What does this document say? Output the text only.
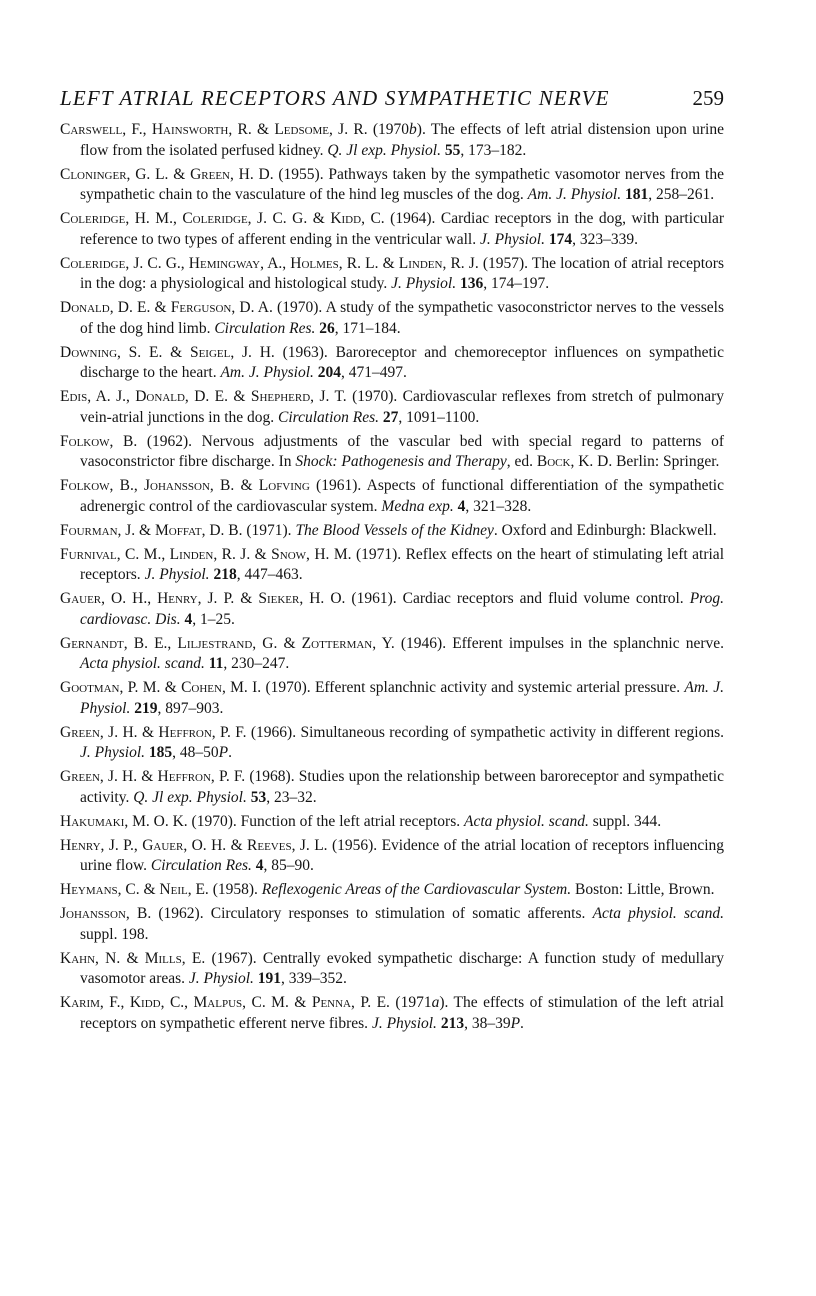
LEFT ATRIAL RECEPTORS AND SYMPATHETIC NERVE	259

Carswell, F., Hainsworth, R. & Ledsome, J. R. (1970b). The effects of left atrial distension upon urine flow from the isolated perfused kidney. Q. Jl exp. Physiol. 55, 173–182.

Cloninger, G. L. & Green, H. D. (1955). Pathways taken by the sympathetic vasomotor nerves from the sympathetic chain to the vasculature of the hind leg muscles of the dog. Am. J. Physiol. 181, 258–261.

Coleridge, H. M., Coleridge, J. C. G. & Kidd, C. (1964). Cardiac receptors in the dog, with particular reference to two types of afferent ending in the ventricular wall. J. Physiol. 174, 323–339.

Coleridge, J. C. G., Hemingway, A., Holmes, R. L. & Linden, R. J. (1957). The location of atrial receptors in the dog: a physiological and histological study. J. Physiol. 136, 174–197.

Donald, D. E. & Ferguson, D. A. (1970). A study of the sympathetic vasoconstrictor nerves to the vessels of the dog hind limb. Circulation Res. 26, 171–184.

Downing, S. E. & Seigel, J. H. (1963). Baroreceptor and chemoreceptor influences on sympathetic discharge to the heart. Am. J. Physiol. 204, 471–497.

Edis, A. J., Donald, D. E. & Shepherd, J. T. (1970). Cardiovascular reflexes from stretch of pulmonary vein-atrial junctions in the dog. Circulation Res. 27, 1091–1100.

Folkow, B. (1962). Nervous adjustments of the vascular bed with special regard to patterns of vasoconstrictor fibre discharge. In Shock: Pathogenesis and Therapy, ed. Bock, K. D. Berlin: Springer.

Folkow, B., Johansson, B. & Lofving (1961). Aspects of functional differentiation of the sympathetic adrenergic control of the cardiovascular system. Medna exp. 4, 321–328.

Fourman, J. & Moffat, D. B. (1971). The Blood Vessels of the Kidney. Oxford and Edinburgh: Blackwell.

Furnival, C. M., Linden, R. J. & Snow, H. M. (1971). Reflex effects on the heart of stimulating left atrial receptors. J. Physiol. 218, 447–463.

Gauer, O. H., Henry, J. P. & Sieker, H. O. (1961). Cardiac receptors and fluid volume control. Prog. cardiovasc. Dis. 4, 1–25.

Gernandt, B. E., Liljestrand, G. & Zotterman, Y. (1946). Efferent impulses in the splanchnic nerve. Acta physiol. scand. 11, 230–247.

Gootman, P. M. & Cohen, M. I. (1970). Efferent splanchnic activity and systemic arterial pressure. Am. J. Physiol. 219, 897–903.

Green, J. H. & Heffron, P. F. (1966). Simultaneous recording of sympathetic activity in different regions. J. Physiol. 185, 48–50P.

Green, J. H. & Heffron, P. F. (1968). Studies upon the relationship between baroreceptor and sympathetic activity. Q. Jl exp. Physiol. 53, 23–32.

Hakumaki, M. O. K. (1970). Function of the left atrial receptors. Acta physiol. scand. suppl. 344.

Henry, J. P., Gauer, O. H. & Reeves, J. L. (1956). Evidence of the atrial location of receptors influencing urine flow. Circulation Res. 4, 85–90.

Heymans, C. & Neil, E. (1958). Reflexogenic Areas of the Cardiovascular System. Boston: Little, Brown.

Johansson, B. (1962). Circulatory responses to stimulation of somatic afferents. Acta physiol. scand. suppl. 198.

Kahn, N. & Mills, E. (1967). Centrally evoked sympathetic discharge: A function study of medullary vasomotor areas. J. Physiol. 191, 339–352.

Karim, F., Kidd, C., Malpus, C. M. & Penna, P. E. (1971a). The effects of stimulation of the left atrial receptors on sympathetic efferent nerve fibres. J. Physiol. 213, 38–39P.
